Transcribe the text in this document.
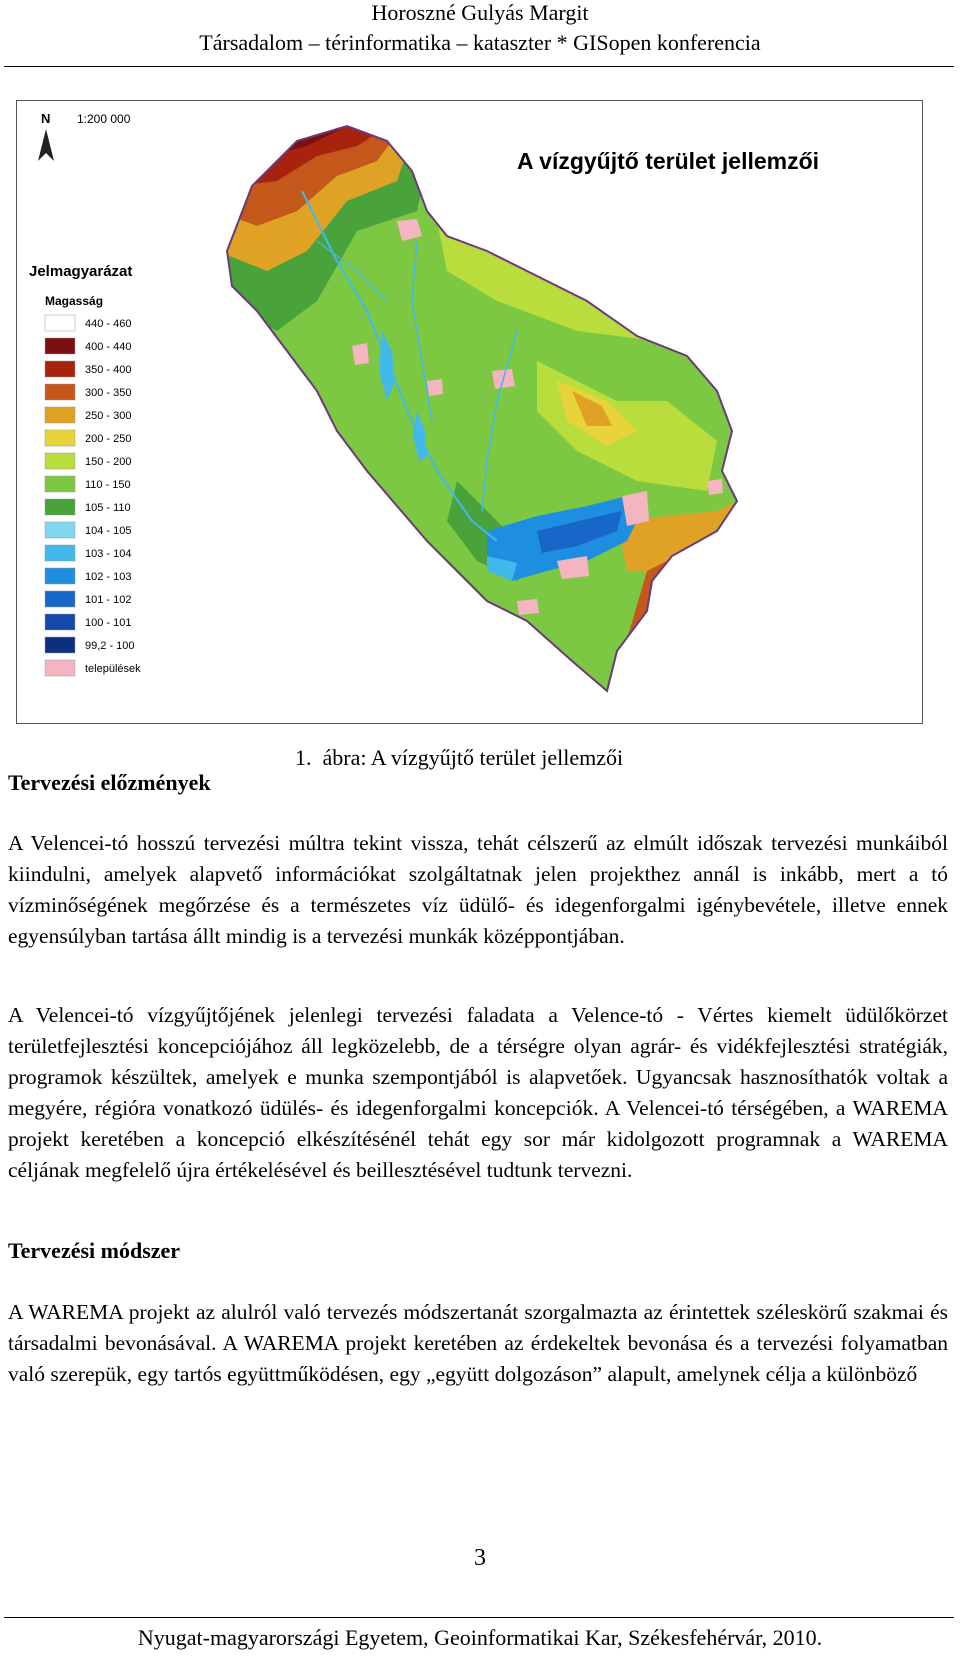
Horoszné Gulyás Margit
Társadalom – térinformatika – kataszter * GISopen konferencia
1:200 000
N
A vízgyűjtő terület jellemzői
Jelmagyarázat
Magasság
440 - 460
400 - 440
350 - 400
300 - 350
250 - 300
200 - 250
150 - 200
110 - 150
105 - 110
104 - 105
103 - 104
102 - 103
101 - 102
100 - 101
99,2 - 100
települések
1. ábra: A vízgyűjtő terület jellemzői
Tervezési előzmények
A Velencei-tó hosszú tervezési múltra tekint vissza, tehát célszerű az elmúlt időszak tervezési munkáiból kiindulni, amelyek alapvető információkat szolgáltatnak jelen projekthez annál is inkább, mert a tó vízminőségének megőrzése és a természetes víz üdülő- és idegenforgalmi igénybevétele, illetve ennek egyensúlyban tartása állt mindig is a tervezési munkák középpontjában.
A Velencei-tó vízgyűjtőjének jelenlegi tervezési faladata a Velence-tó - Vértes kiemelt üdülőkörzet területfejlesztési koncepciójához áll legközelebb, de a térségre olyan agrár- és vidékfejlesztési stratégiák, programok készültek, amelyek e munka szempontjából is alapvetőek. Ugyancsak hasznosíthatók voltak a megyére, régióra vonatkozó üdülés- és idegenforgalmi koncepciók. A Velencei-tó térségében, a WAREMA projekt keretében a koncepció elkészítésénél tehát egy sor már kidolgozott programnak a WAREMA céljának megfelelő újra értékelésével és beillesztésével tudtunk tervezni.
Tervezési módszer
A WAREMA projekt az alulról való tervezés módszertanát szorgalmazta az érintettek széleskörű szakmai és társadalmi bevonásával. A WAREMA projekt keretében az érdekeltek bevonása és a tervezési folyamatban való szerepük, egy tartós együttműködésen, egy „együtt dolgozáson” alapult, amelynek célja a különböző
3
Nyugat-magyarországi Egyetem, Geoinformatikai Kar, Székesfehérvár, 2010.
